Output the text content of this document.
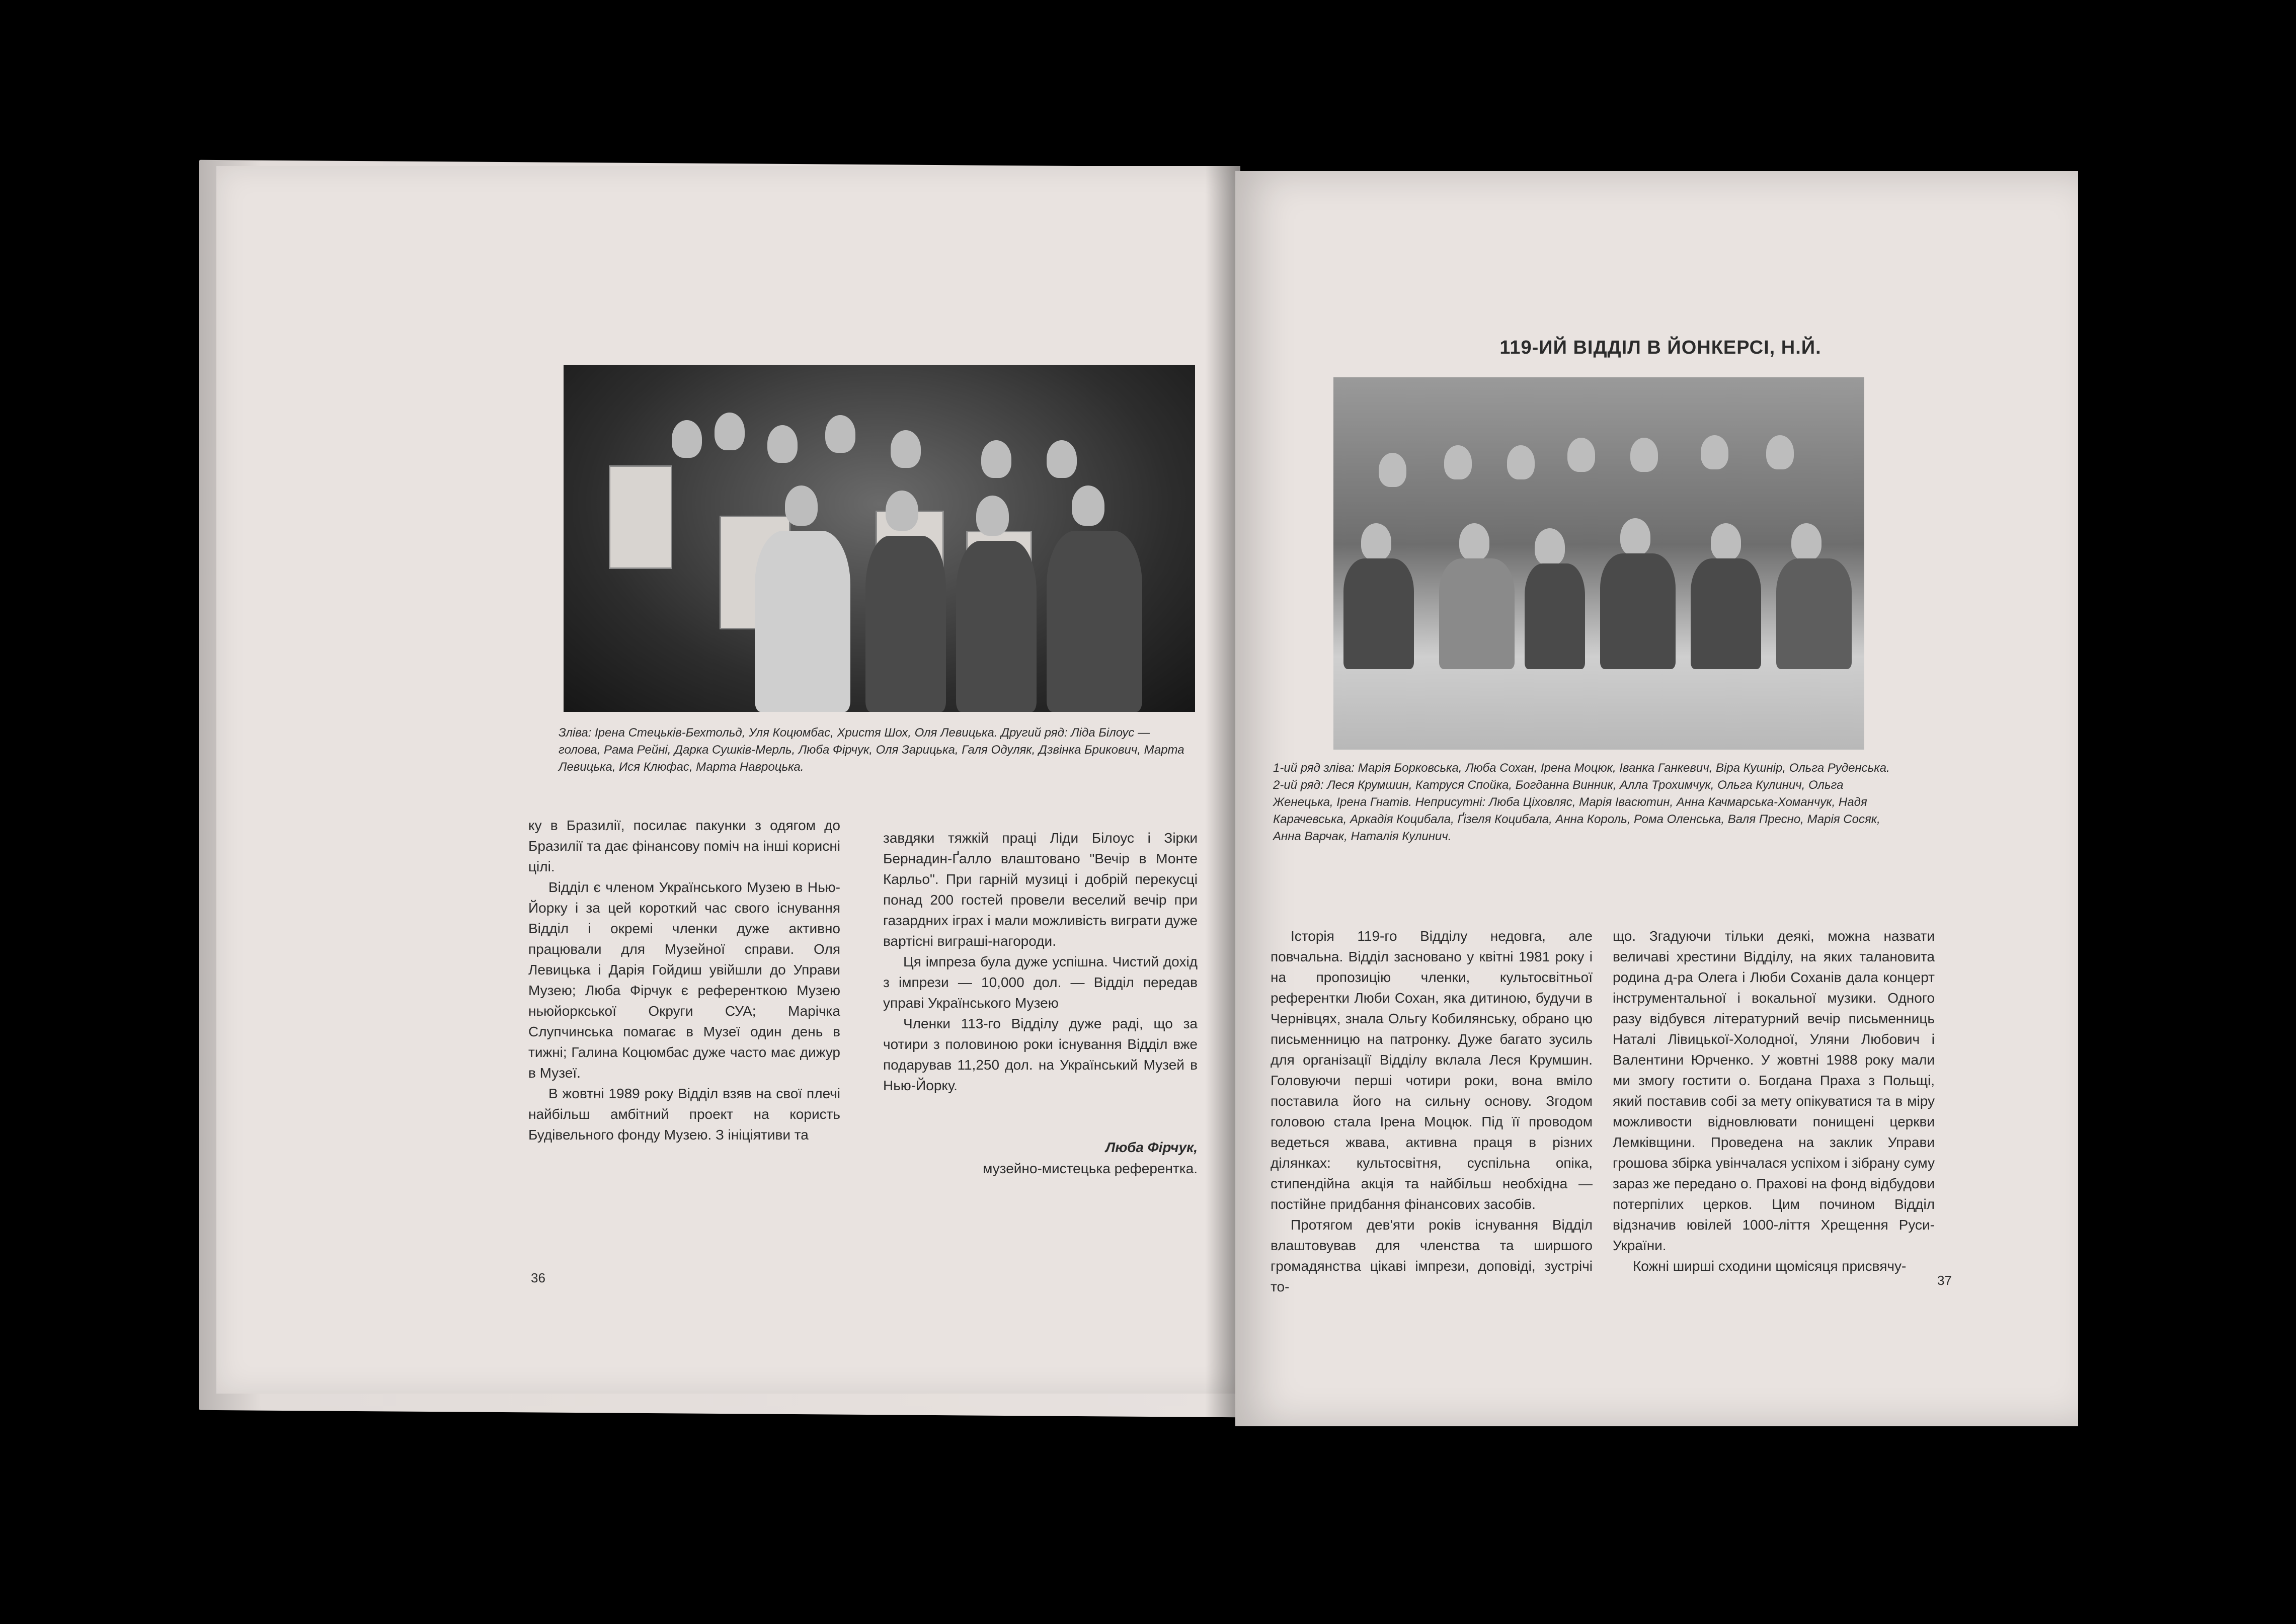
Зліва: Ірена Стецьків-Бехтольд, Уля Коцюмбас, Христя Шох, Оля Левицька. Другий ряд: Ліда Білоус — голова, Рама Рейні, Дарка Сушків-Мерль, Люба Фірчук, Оля Зарицька, Галя Одуляк, Дзвінка Брикович, Марта Левицька, Ися Клюфас, Марта Навроцька.

ку в Бразилії, посилає пакунки з одягом до Бразилії та дає фінансову поміч на інші корисні цілі.

Відділ є членом Українського Музею в Нью-Йорку і за цей короткий час свого існування Відділ і окремі членки дуже активно працювали для Музейної справи. Оля Левицька і Дарія Гойдиш увійшли до Управи Музею; Люба Фірчук є референткою Музею ньюйоркської Округи СУА; Марічка Слупчинська помагає в Музеї один день в тижні; Галина Коцюмбас дуже часто має дижур в Музеї.

В жовтні 1989 року Відділ взяв на свої плечі найбільш амбітний проект на користь Будівельного фонду Музею. З ініціятиви та

завдяки тяжкій праці Ліди Білоус і Зірки Бернадин-Ґалло влаштовано "Вечір в Монте Карльо". При гарній музиці і добрій перекусці понад 200 гостей провели веселий вечір при газардних іграх і мали можливість виграти дуже вартісні виграші-нагороди.

Ця імпреза була дуже успішна. Чистий дохід з імпрези — 10,000 дол. — Відділ передав управі Українського Музею

Членки 113-го Відділу дуже раді, що за чотири з половиною роки існування Відділ вже подарував 11,250 дол. на Український Музей в Нью-Йорку.

Люба Фірчук,
музейно-мистецька референтка.
36
119-ИЙ ВІДДІЛ В ЙОНКЕРСІ, Н.Й.
1-ий ряд зліва: Марія Борковська, Люба Сохан, Ірена Моцюк, Іванка Ганкевич, Віра Кушнір, Ольга Руденська. 2-ий ряд: Леся Крумшин, Катруся Спойка, Богданна Винник, Алла Трохимчук, Ольга Кулинич, Ольга Женецька, Ірена Гнатів. Неприсутні: Люба Ціховляс, Марія Івасютин, Анна Качмарська-Хоманчук, Надя Карачевська, Аркадія Коцибала, Ґізеля Коцибала, Анна Король, Рома Оленська, Валя Пресно, Марія Сосяк, Анна Варчак, Наталія Кулинич.

Історія 119-го Відділу недовга, але повчальна. Відділ засновано у квітні 1981 року і на пропозицію членки, культосвітньої референтки Люби Сохан, яка дитиною, будучи в Чернівцях, знала Ольгу Кобилянську, обрано цю письменницю на патронку. Дуже багато зусиль для організації Відділу вклала Леся Крумшин. Головуючи перші чотири роки, вона вміло поставила його на сильну основу. Згодом головою стала Ірена Моцюк. Під її проводом ведеться жвава, активна праця в різних ділянках: культосвітня, суспільна опіка, стипендійна акція та найбільш необхідна — постійне придбання фінансових засобів.

Протягом дев'яти років існування Відділ влаштовував для членства та ширшого громадянства цікаві імпрези, доповіді, зустрічі то-

що. Згадуючи тільки деякі, можна назвати величаві хрестини Відділу, на яких талановита родина д-ра Олега і Люби Соханів дала концерт інструментальної і вокальної музики. Одного разу відбувся літературний вечір письменниць Наталі Лівицької-Холодної, Уляни Любович і Валентини Юрченко. У жовтні 1988 року мали ми змогу гостити о. Богдана Праха з Польщі, який поставив собі за мету опікуватися та в міру можливости відновлювати понищені церкви Лемківщини. Проведена на заклик Управи грошова збірка увінчалася успіхом і зібрану суму зараз же передано о. Прахові на фонд відбудови потерпілих церков. Цим почином Відділ відзначив ювілей 1000-ліття Хрещення Руси-України.

Кожні ширші сходини щомісяця присвячу-

37
